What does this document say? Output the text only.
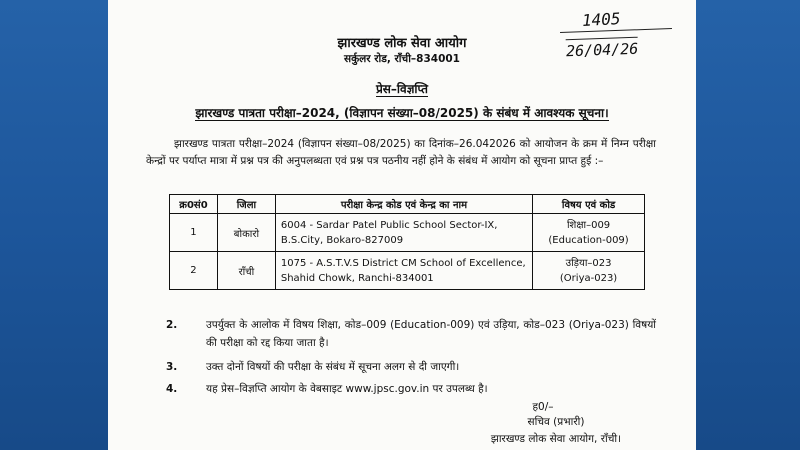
झारखण्ड लोक सेवा आयोग
सर्कुलर रोड, राँची–834001
1405
26/04/26
प्रेस–विज्ञप्ति
झारखण्ड पात्रता परीक्षा–2024, (विज्ञापन संख्या–08/2025) के संबंध में आवश्यक सूचना।

झारखण्ड पात्रता परीक्षा–2024 (विज्ञापन संख्या–08/2025) का दिनांक–26.042026 को आयोजन के क्रम में निम्न परीक्षा केन्द्रों पर पर्याप्त मात्रा में प्रश्न पत्र की अनुपलब्धता एवं प्रश्न पत्र पठनीय नहीं होने के संबंध में आयोग को सूचना प्राप्त हुई :–

क्र0सं0	जिला	परीक्षा केन्द्र कोड एवं केन्द्र का नाम	विषय एवं कोड
1	बोकारो	6004 - Sardar Patel Public School Sector-IX, B.S.City, Bokaro-827009	शिक्षा–009
(Education-009)

2	राँची	1075 - A.S.T.V.S District CM School of Excellence, Shahid Chowk, Ranchi-834001	उड़िया–023
(Oriya-023)
2.	उपर्युक्त के आलोक में विषय शिक्षा, कोड–009 (Education-009) एवं उड़िया, कोड–023 (Oriya-023) विषयों की परीक्षा को रद्द किया जाता है।
3.	उक्त दोनों विषयों की परीक्षा के संबंध में सूचना अलग से दी जाएगी।
4.	यह प्रेस–विज्ञप्ति आयोग के वेबसाइट www.jpsc.gov.in पर उपलब्ध है।
ह0/–
सचिव (प्रभारी)
झारखण्ड लोक सेवा आयोग, राँची।
